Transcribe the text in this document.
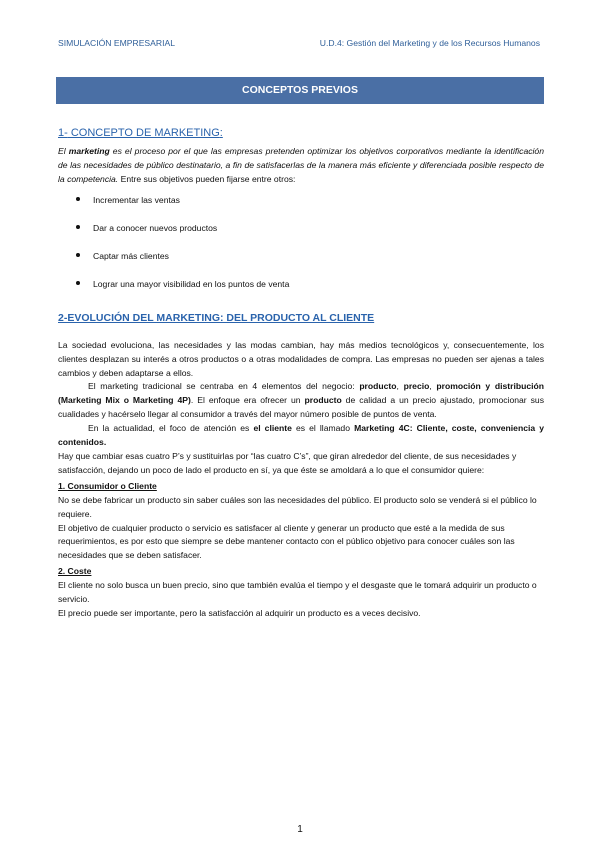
SIMULACIÓN EMPRESARIAL	U.D.4: Gestión del Marketing y de los Recursos Humanos
CONCEPTOS PREVIOS
1- CONCEPTO DE MARKETING:

El marketing es el proceso por el que las empresas pretenden optimizar los objetivos corporativos mediante la identificación de las necesidades de público destinatario, a fin de satisfacerlas de la manera más eficiente y diferenciada posible respecto de la competencia. Entre sus objetivos pueden fijarse entre otros:

Incrementar las ventas
Dar a conocer nuevos productos
Captar más clientes
Lograr una mayor visibilidad en los puntos de venta
2-EVOLUCIÓN DEL MARKETING: DEL PRODUCTO AL CLIENTE

La sociedad evoluciona, las necesidades y las modas cambian, hay más medios tecnológicos y, consecuentemente, los clientes desplazan su interés a otros productos o a otras modalidades de compra. Las empresas no pueden ser ajenas a tales cambios y deben adaptarse a ellos.

El marketing tradicional se centraba en 4 elementos del negocio: producto, precio, promoción y distribución (Marketing Mix o Marketing 4P). El enfoque era ofrecer un producto de calidad a un precio ajustado, promocionar sus cualidades y hacérselo llegar al consumidor a través del mayor número posible de puntos de venta.

En la actualidad, el foco de atención es el cliente es el llamado Marketing 4C: Cliente, coste, conveniencia y contenidos.

Hay que cambiar esas cuatro P’s y sustituirlas por “las cuatro C’s”, que giran alrededor del cliente, de sus necesidades y satisfacción, dejando un poco de lado el producto en sí, ya que éste se amoldará a lo que el consumidor quiere:

1. Consumidor o Cliente

No se debe fabricar un producto sin saber cuáles son las necesidades del público. El producto solo se venderá si el público lo requiere.

El objetivo de cualquier producto o servicio es satisfacer al cliente y generar un producto que esté a la medida de sus requerimientos, es por esto que siempre se debe mantener contacto con el público objetivo para conocer cuáles son las necesidades que se deben satisfacer.

2. Coste

El cliente no solo busca un buen precio, sino que también evalúa el tiempo y el desgaste que le tomará adquirir un producto o servicio.

El precio puede ser importante, pero la satisfacción al adquirir un producto es a veces decisivo.

1
